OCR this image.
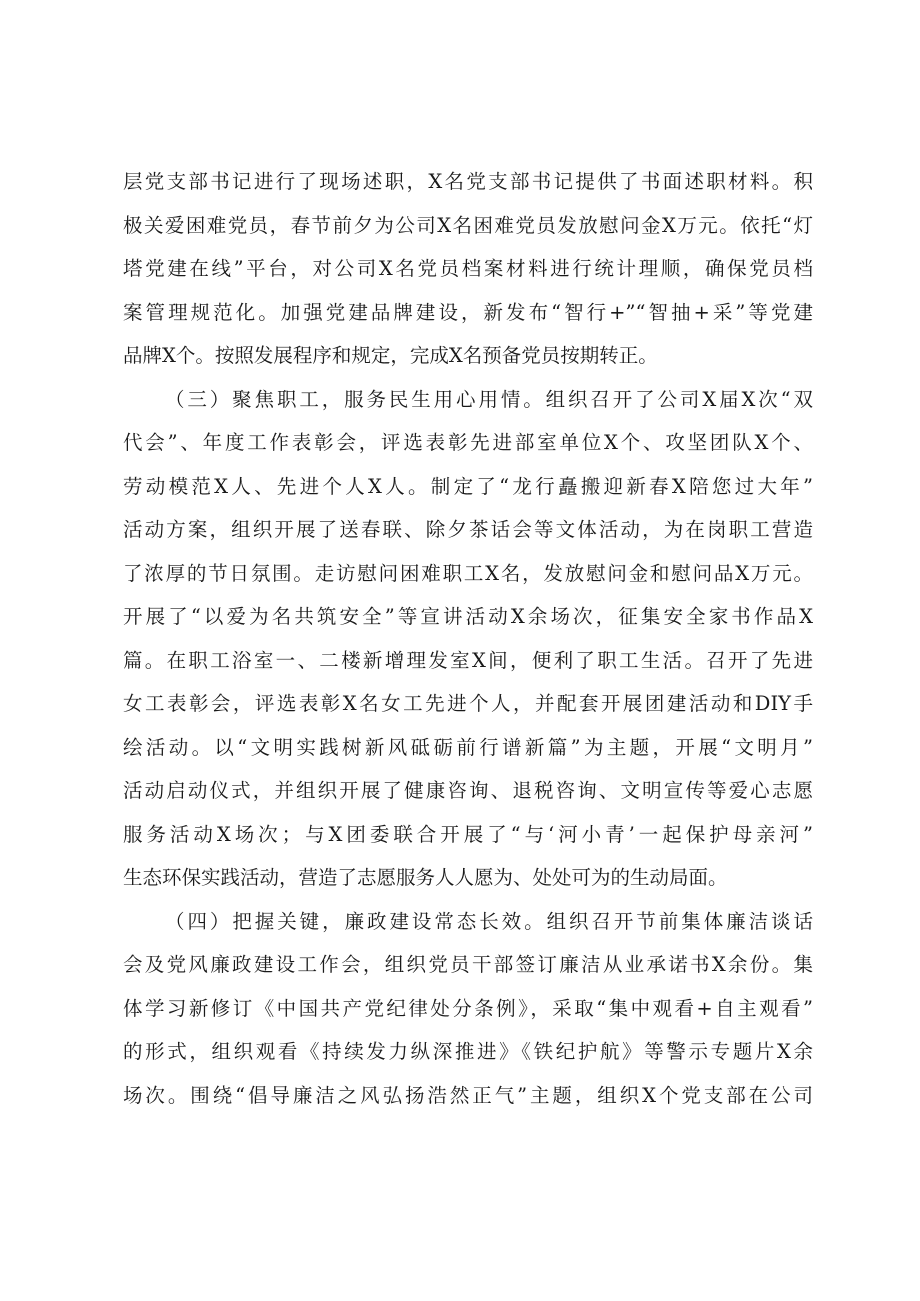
层党支部书记进行了现场述职，X名党支部书记提供了书面述职材料。积
极关爱困难党员，春节前夕为公司X名困难党员发放慰问金X万元。依托“灯
塔党建在线”平台，对公司X名党员档案材料进行统计理顺，确保党员档
案管理规范化。加强党建品牌建设，新发布“智行+”“智抽+采”等党建
品牌X个。按照发展程序和规定，完成X名预备党员按期转正。
（三）聚焦职工，服务民生用心用情。组织召开了公司X届X次“双
代会”、年度工作表彰会，评选表彰先进部室单位X个、攻坚团队X个、
劳动模范X人、先进个人X人。制定了“龙行矗搬迎新春X陪您过大年”
活动方案，组织开展了送春联、除夕茶话会等文体活动，为在岗职工营造
了浓厚的节日氛围。走访慰问困难职工X名，发放慰问金和慰问品X万元。
开展了“以爱为名共筑安全”等宣讲活动X余场次，征集安全家书作品X
篇。在职工浴室一、二楼新增理发室X间，便利了职工生活。召开了先进
女工表彰会，评选表彰X名女工先进个人，并配套开展团建活动和DIY手
绘活动。以“文明实践树新风砥砺前行谱新篇”为主题，开展“文明月”
活动启动仪式，并组织开展了健康咨询、退税咨询、文明宣传等爱心志愿
服务活动X场次；与X团委联合开展了“与‘河小青’一起保护母亲河”
生态环保实践活动，营造了志愿服务人人愿为、处处可为的生动局面。
（四）把握关键，廉政建设常态长效。组织召开节前集体廉洁谈话
会及党风廉政建设工作会，组织党员干部签订廉洁从业承诺书X余份。集
体学习新修订《中国共产党纪律处分条例》，采取“集中观看+自主观看”
的形式，组织观看《持续发力纵深推进》《铁纪护航》等警示专题片X余
场次。围绕“倡导廉洁之风弘扬浩然正气”主题，组织X个党支部在公司
